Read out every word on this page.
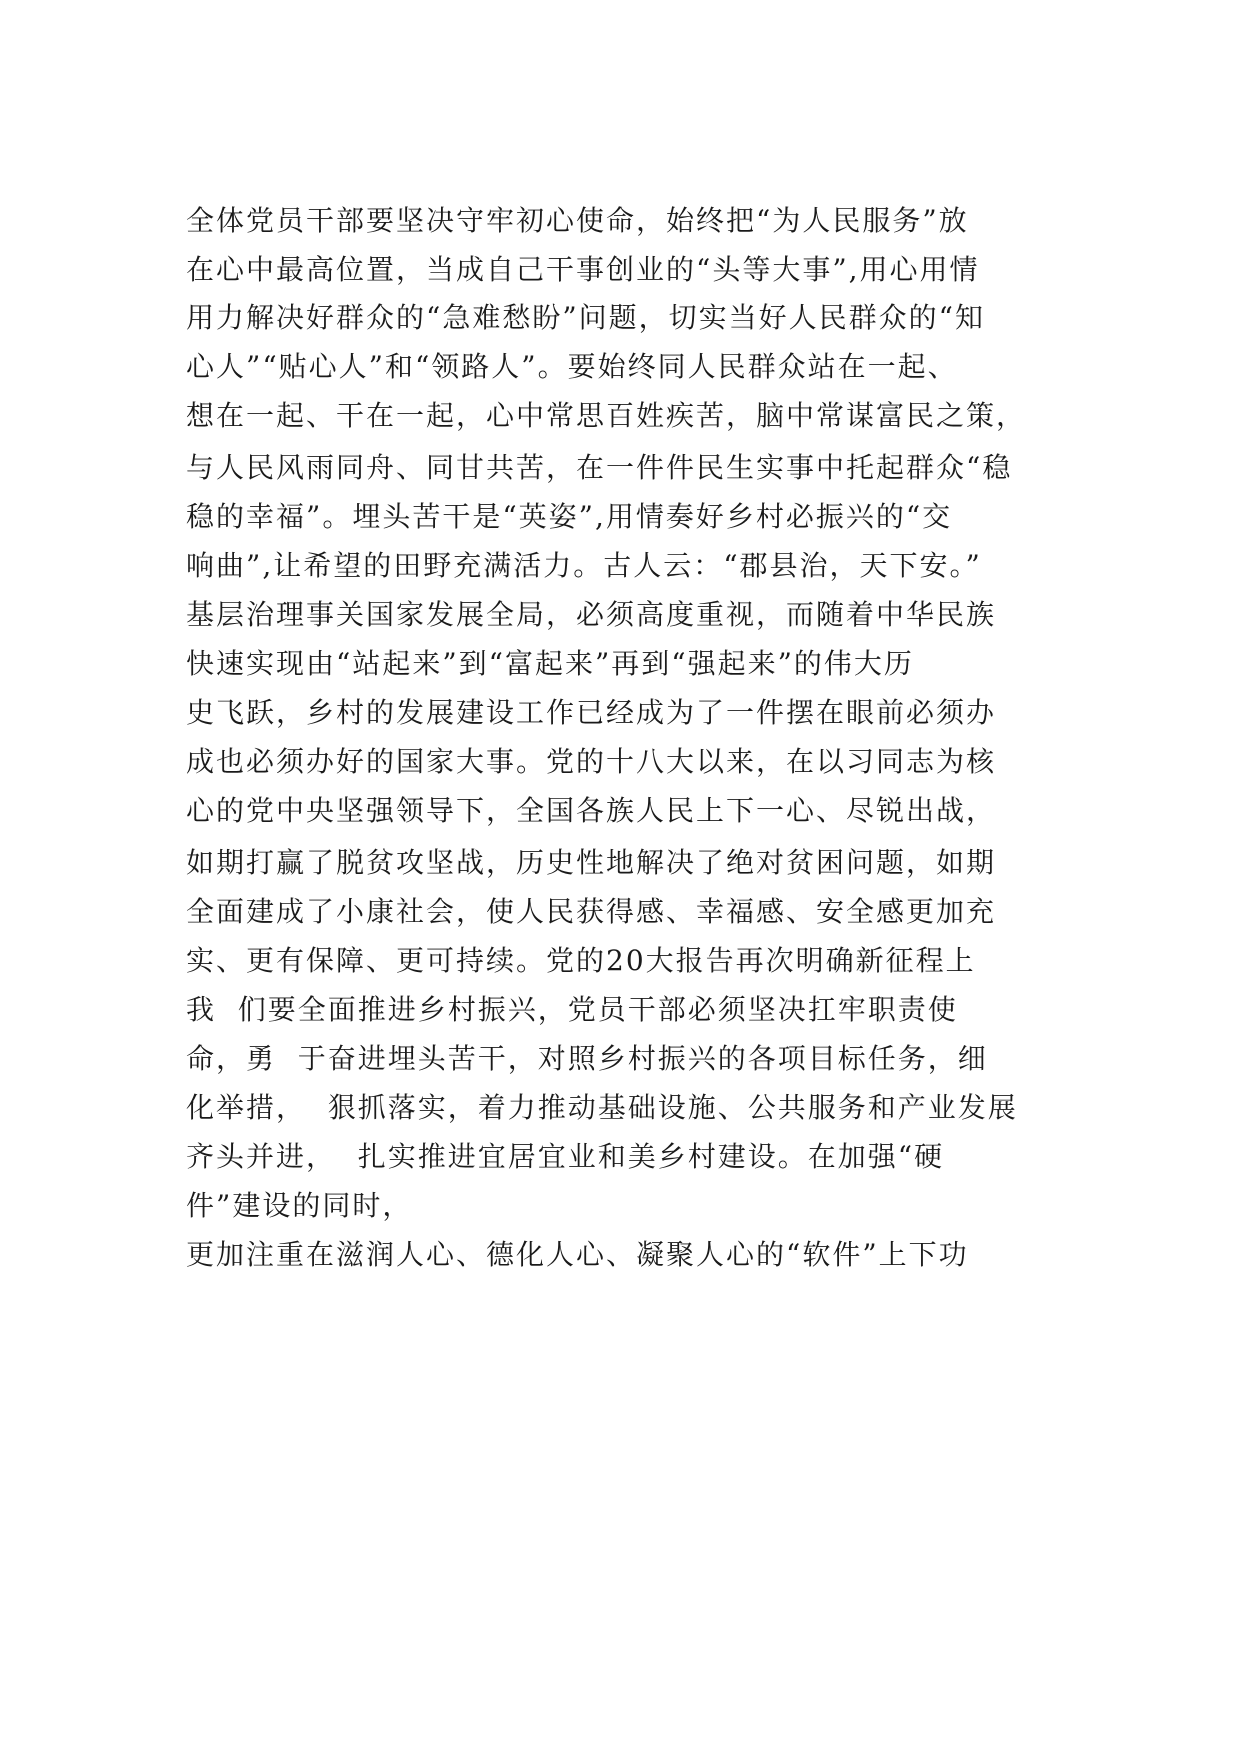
全体党员干部要坚决守牢初心使命，始终把“为人民服务”放
在心中最高位置，当成自己干事创业的“头等大事”,用心用情
用力解决好群众的“急难愁盼”问题，切实当好人民群众的“知
心人”“贴心人”和“领路人”。要始终同人民群众站在一起、
想在一起、干在一起，心中常思百姓疾苦，脑中常谋富民之策，
与人民风雨同舟、同甘共苦，在一件件民生实事中托起群众“稳
稳的幸福”。埋头苦干是“英姿”,用情奏好乡村必振兴的“交
响曲”,让希望的田野充满活力。古人云：“郡县治，天下安。”
基层治理事关国家发展全局，必须高度重视，而随着中华民族
快速实现由“站起来”到“富起来”再到“强起来”的伟大历
史飞跃，乡村的发展建设工作已经成为了一件摆在眼前必须办
成也必须办好的国家大事。党的十八大以来，在以习同志为核
心的党中央坚强领导下，全国各族人民上下一心、尽锐出战，
如期打赢了脱贫攻坚战，历史性地解决了绝对贫困问题，如期
全面建成了小康社会，使人民获得感、幸福感、安全感更加充
实、更有保障、更可持续。党的20大报告再次明确新征程上
我  们要全面推进乡村振兴，党员干部必须坚决扛牢职责使
命，勇  于奋进埋头苦干，对照乡村振兴的各项目标任务，细
化举措，  狠抓落实，着力推动基础设施、公共服务和产业发展
齐头并进，  扎实推进宜居宜业和美乡村建设。在加强“硬
件”建设的同时，
更加注重在滋润人心、德化人心、凝聚人心的“软件”上下功
